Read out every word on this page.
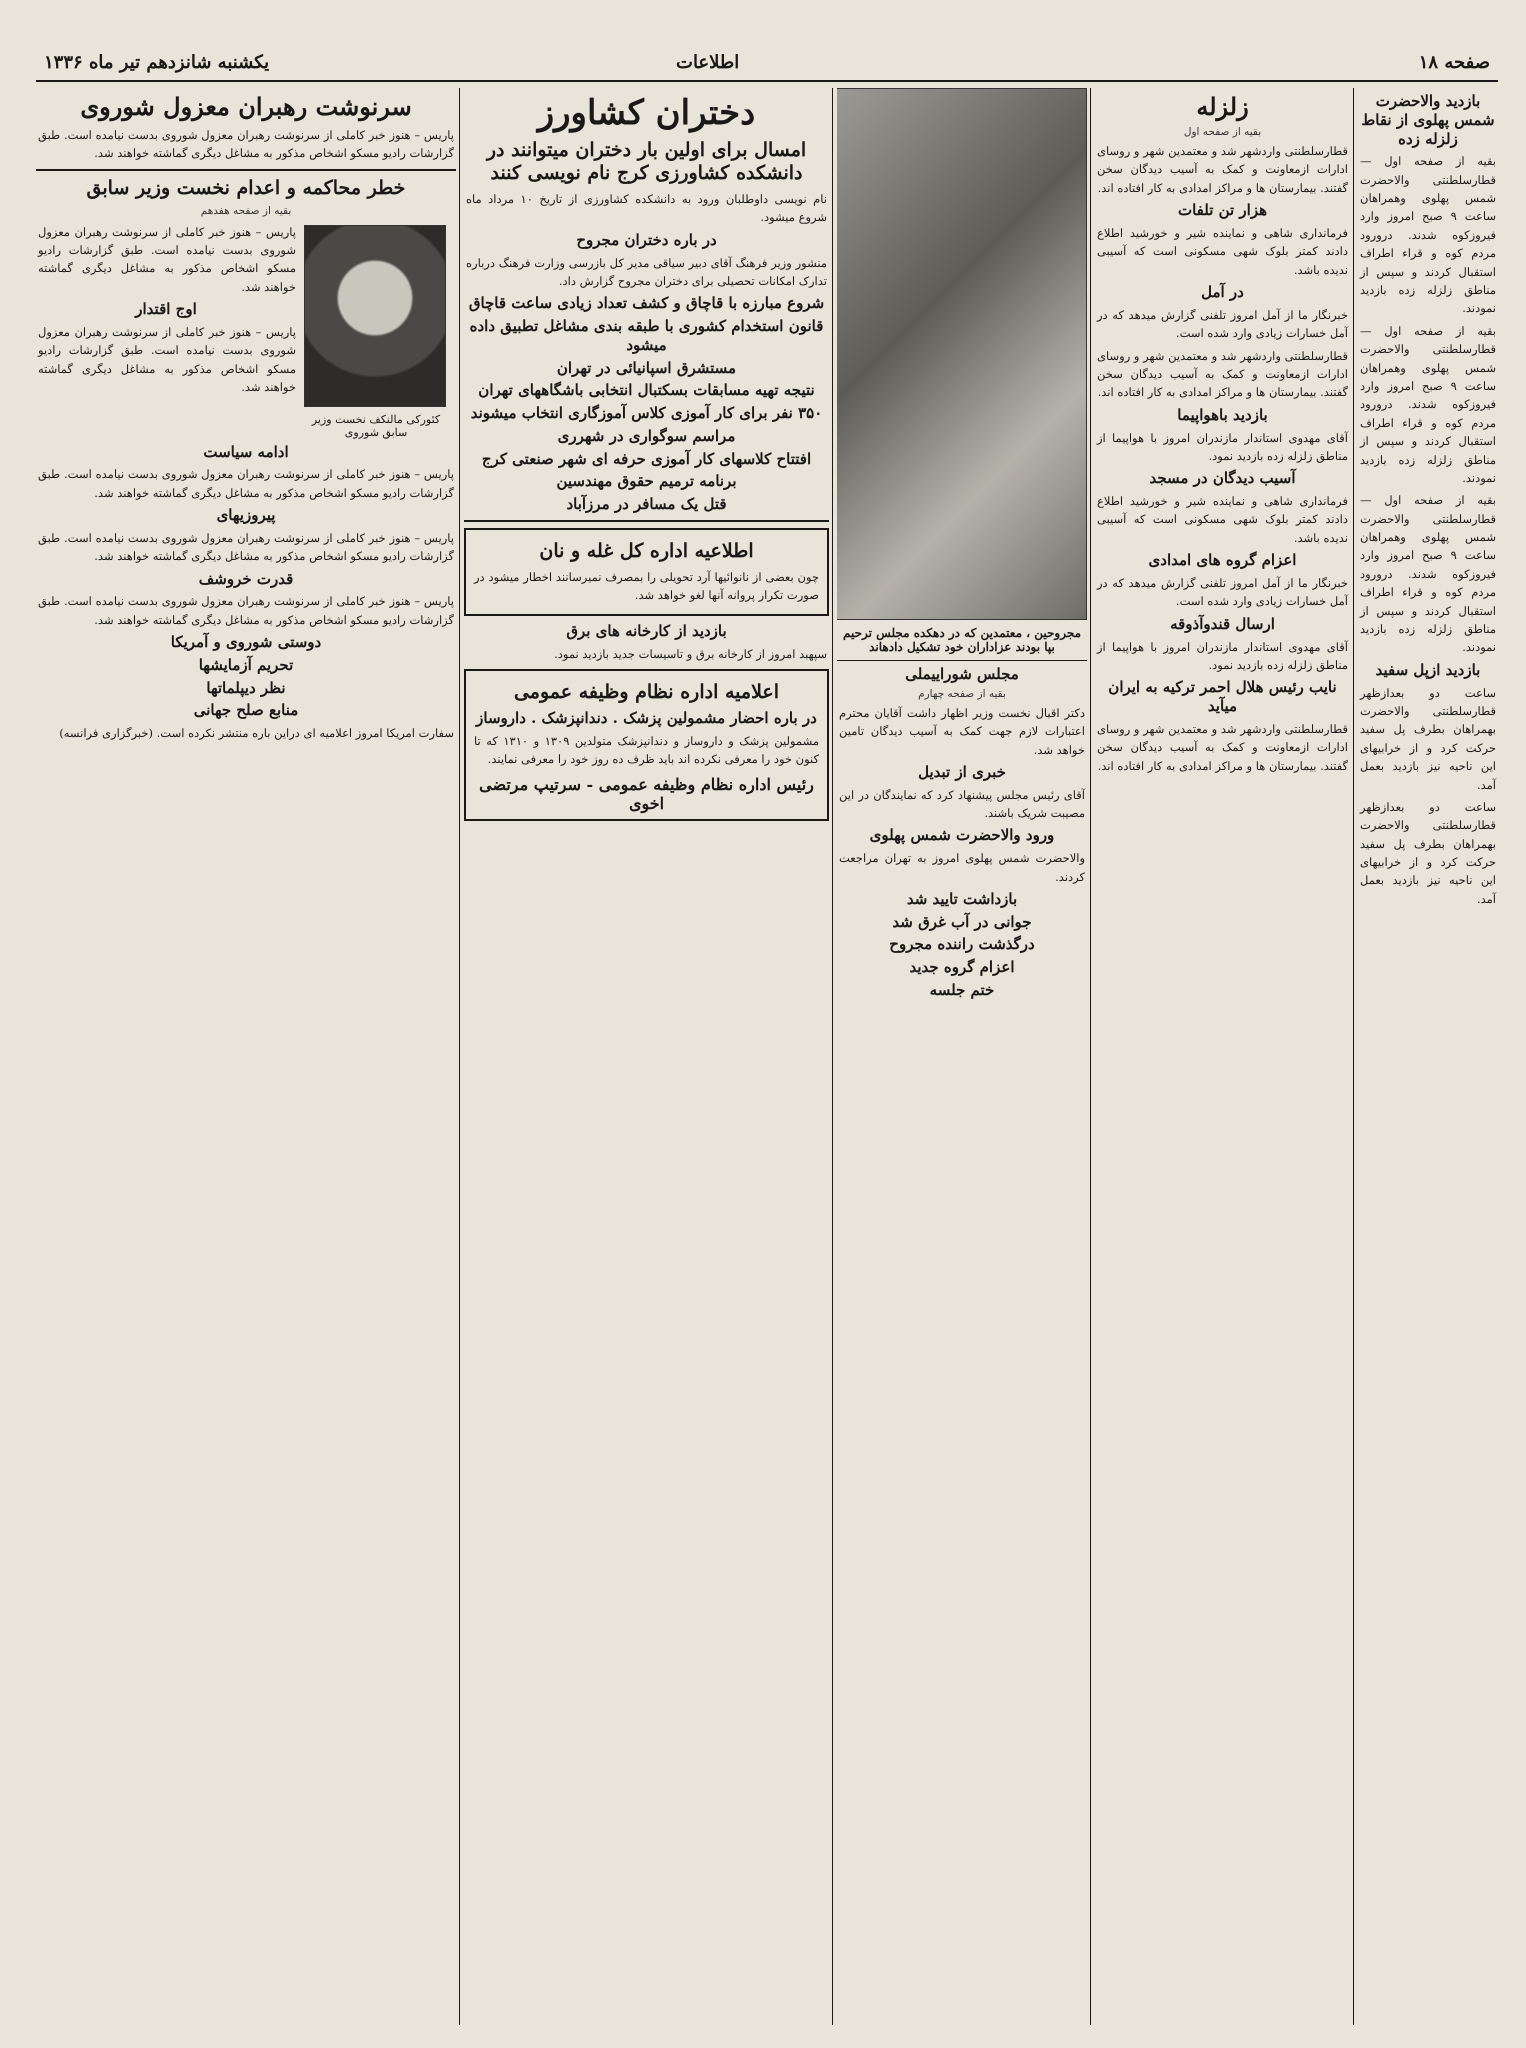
صفحه ۱۸
اطلاعات
یکشنبه شانزدهم تیر ماه ۱۳۳۶
بازدید والاحضرت شمس پهلوی از نقاط زلزله زده
بقیه از صفحه اول — قطارسلطنتی والاحضرت شمس پهلوی وهمراهان ساعت ۹ صبح امروز وارد فیروزکوه شدند. درورود مردم کوه و قراء اطراف استقبال کردند و سپس از مناطق زلزله زده بازدید نمودند.
بقیه از صفحه اول — قطارسلطنتی والاحضرت شمس پهلوی وهمراهان ساعت ۹ صبح امروز وارد فیروزکوه شدند. درورود مردم کوه و قراء اطراف استقبال کردند و سپس از مناطق زلزله زده بازدید نمودند.
بقیه از صفحه اول — قطارسلطنتی والاحضرت شمس پهلوی وهمراهان ساعت ۹ صبح امروز وارد فیروزکوه شدند. درورود مردم کوه و قراء اطراف استقبال کردند و سپس از مناطق زلزله زده بازدید نمودند.
بازدید ازپل سفید
ساعت دو بعدازظهر قطارسلطنتی والاحضرت بهمراهان بطرف پل سفید حرکت کرد و از خرابیهای این ناحیه نیز بازدید بعمل آمد.
ساعت دو بعدازظهر قطارسلطنتی والاحضرت بهمراهان بطرف پل سفید حرکت کرد و از خرابیهای این ناحیه نیز بازدید بعمل آمد.
زلزله
بقیه از صفحه اول
قطارسلطنتی واردشهر شد و معتمدین شهر و روسای ادارات ازمعاونت و کمک به آسیب دیدگان سخن گفتند. بیمارستان ها و مراکز امدادی به کار افتاده اند.
هزار تن تلفات
فرمانداری شاهی و نماینده شیر و خورشید اطلاع دادند کمتر بلوک شهی مسکونی است که آسیبی ندیده باشد.
در آمل
خبرنگار ما از آمل امروز تلفنی گزارش میدهد که در آمل خسارات زیادی وارد شده است.
قطارسلطنتی واردشهر شد و معتمدین شهر و روسای ادارات ازمعاونت و کمک به آسیب دیدگان سخن گفتند. بیمارستان ها و مراکز امدادی به کار افتاده اند.
بازدید باهواپیما
آقای مهدوی استاندار مازندران امروز با هواپیما از مناطق زلزله زده بازدید نمود.
آسیب دیدگان در مسجد
فرمانداری شاهی و نماینده شیر و خورشید اطلاع دادند کمتر بلوک شهی مسکونی است که آسیبی ندیده باشد.
اعزام گروه های امدادی
خبرنگار ما از آمل امروز تلفنی گزارش میدهد که در آمل خسارات زیادی وارد شده است.
ارسال قندوآذوقه
آقای مهدوی استاندار مازندران امروز با هواپیما از مناطق زلزله زده بازدید نمود.
نایب رئیس هلال احمر ترکیه به ایران میآید
قطارسلطنتی واردشهر شد و معتمدین شهر و روسای ادارات ازمعاونت و کمک به آسیب دیدگان سخن گفتند. بیمارستان ها و مراکز امدادی به کار افتاده اند.
مجروحین ، معتمدین که در دهکده مجلس ترحیم بپا بودند عزاداران خود تشکیل دادهاند
مجلس شوراییملی
بقیه از صفحه چهارم
دکتر اقبال نخست وزیر اظهار داشت آقایان محترم اعتبارات لازم جهت کمک به آسیب دیدگان تامین خواهد شد.
خبری از تبدیل
آقای رئیس مجلس پیشنهاد کرد که نمایندگان در این مصیبت شریک باشند.
ورود والاحضرت شمس پهلوی
والاحضرت شمس پهلوی امروز به تهران مراجعت کردند.
بازداشت تایید شد
جوانی در آب غرق شد
درگذشت راننده مجروح
اعزام گروه جدید
ختم جلسه
دختران کشاورز
امسال برای اولین بار دختران میتوانند در دانشکده کشاورزی کرج نام نویسی کنند
نام نویسی داوطلبان ورود به دانشکده کشاورزی از تاریخ ۱۰ مرداد ماه شروع میشود.
در باره دختران مجروح
منشور وزیر فرهنگ آقای دبیر سیاقی مدیر کل بازرسی وزارت فرهنگ درباره تدارک امکانات تحصیلی برای دختران مجروح گزارش داد.
شروع مبارزه با قاچاق و کشف تعداد زیادی ساعت قاچاق
قانون استخدام کشوری با طبقه بندی مشاغل تطبیق داده میشود
مستشرق اسپانیائی در تهران
نتیجه تهیه مسابقات بسکتبال انتخابی باشگاههای تهران
۳۵۰ نفر برای کار آموزی کلاس آموزگاری انتخاب میشوند
مراسم سوگواری در شهرری
افتتاح کلاسهای کار آموزی حرفه ای شهر صنعتی کرج
برنامه ترمیم حقوق مهندسین
قتل یک مسافر در مرزآباد
اطلاعیه اداره کل غله و نان
چون بعضی از نانوائیها آرد تحویلی را بمصرف نمیرسانند اخطار میشود در صورت تکرار پروانه آنها لغو خواهد شد.
بازدید از کارخانه های برق
سپهبد امروز از کارخانه برق و تاسیسات جدید بازدید نمود.
اعلامیه اداره نظام وظیفه عمومی
در باره احضار مشمولین پزشک . دندانپزشک . داروساز
مشمولین پزشک و داروساز و دندانپزشک متولدین ۱۳۰۹ و ۱۳۱۰ که تا کنون خود را معرفی نکرده اند باید ظرف ده روز خود را معرفی نمایند.
رئیس اداره نظام وظیفه عمومی - سرتیپ مرتضی اخوی
سرنوشت رهبران معزول شوروی
پاریس – هنوز خبر کاملی از سرنوشت رهبران معزول شوروی بدست نیامده است. طبق گزارشات رادیو مسکو اشخاص مذکور به مشاغل دیگری گماشته خواهند شد.
خطر محاکمه و اعدام نخست وزیر سابق
بقیه از صفحه هفدهم
پاریس – هنوز خبر کاملی از سرنوشت رهبران معزول شوروی بدست نیامده است. طبق گزارشات رادیو مسکو اشخاص مذکور به مشاغل دیگری گماشته خواهند شد.
اوج اقتدار
پاریس – هنوز خبر کاملی از سرنوشت رهبران معزول شوروی بدست نیامده است. طبق گزارشات رادیو مسکو اشخاص مذکور به مشاغل دیگری گماشته خواهند شد.
کئورکی مالنکف نخست وزیر سابق شوروی
ادامه سیاست
پاریس – هنوز خبر کاملی از سرنوشت رهبران معزول شوروی بدست نیامده است. طبق گزارشات رادیو مسکو اشخاص مذکور به مشاغل دیگری گماشته خواهند شد.
پیروزیهای
پاریس – هنوز خبر کاملی از سرنوشت رهبران معزول شوروی بدست نیامده است. طبق گزارشات رادیو مسکو اشخاص مذکور به مشاغل دیگری گماشته خواهند شد.
قدرت خروشف
پاریس – هنوز خبر کاملی از سرنوشت رهبران معزول شوروی بدست نیامده است. طبق گزارشات رادیو مسکو اشخاص مذکور به مشاغل دیگری گماشته خواهند شد.
دوستی شوروی و آمریکا
تحریم آزمایشها
نظر دیپلماتها
منابع صلح جهانی
سفارت امریکا امروز اعلامیه ای دراین باره منتشر نکرده است. (خبرگزاری فرانسه)
